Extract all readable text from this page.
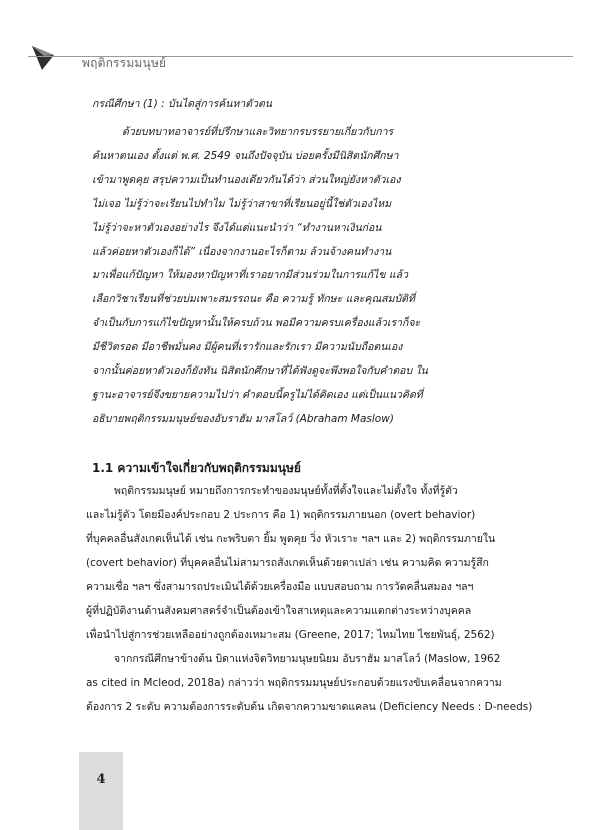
พฤติกรรมมนุษย์
กรณีศึกษา (1) : บันไดสู่การค้นหาตัวตน
ด้วยบทบาทอาจารย์ที่ปรึกษาและวิทยากรบรรยายเกี่ยวกับการ
ค้นหาตนเอง ตั้งแต่ พ.ศ. 2549 จนถึงปัจจุบัน บ่อยครั้งมีนิสิตนักศึกษา
เข้ามาพูดคุย สรุปความเป็นทำนองเดียวกันได้ว่า ส่วนใหญ่ยังหาตัวเอง
ไม่เจอ ไม่รู้ว่าจะเรียนไปทำไม ไม่รู้ว่าสาขาที่เรียนอยู่นี้ใช่ตัวเองไหม
ไม่รู้ว่าจะหาตัวเองอย่างไร จึงได้แต่แนะนำว่า “ทำงานหาเงินก่อน
แล้วค่อยหาตัวเองก็ได้” เนื่องจากงานอะไรก็ตาม ล้วนจ้างคนทำงาน
มาเพื่อแก้ปัญหา ให้มองหาปัญหาที่เราอยากมีส่วนร่วมในการแก้ไข แล้ว
เลือกวิชาเรียนที่ช่วยบ่มเพาะสมรรถนะ คือ ความรู้ ทักษะ และคุณสมบัติที่
จำเป็นกับการแก้ไขปัญหานั้นให้ครบถ้วน พอมีความครบเครื่องแล้วเราก็จะ
มีชีวิตรอด มีอาชีพมั่นคง มีผู้คนที่เรารักและรักเรา มีความนับถือตนเอง
จากนั้นค่อยหาตัวเองก็ยังทัน นิสิตนักศึกษาที่ได้ฟังดูจะพึงพอใจกับคำตอบ ใน
ฐานะอาจารย์จึงขยายความไปว่า คำตอบนี้ครูไม่ได้คิดเอง แต่เป็นแนวคิดที่
อธิบายพฤติกรรมมนุษย์ของอับราฮัม มาสโลว์ (Abraham Maslow)
1.1 ความเข้าใจเกี่ยวกับพฤติกรรมมนุษย์
พฤติกรรมมนุษย์ หมายถึงการกระทำของมนุษย์ทั้งที่ตั้งใจและไม่ตั้งใจ ทั้งที่รู้ตัว
และไม่รู้ตัว โดยมีองค์ประกอบ 2 ประการ คือ 1) พฤติกรรมภายนอก (overt behavior)
ที่บุคคลอื่นสังเกตเห็นได้ เช่น กะพริบตา ยิ้ม พูดคุย วิ่ง หัวเราะ ฯลฯ และ 2) พฤติกรรมภายใน
(covert behavior) ที่บุคคลอื่นไม่สามารถสังเกตเห็นด้วยตาเปล่า เช่น ความคิด ความรู้สึก
ความเชื่อ ฯลฯ ซึ่งสามารถประเมินได้ด้วยเครื่องมือ แบบสอบถาม การวัดคลื่นสมอง ฯลฯ
ผู้ที่ปฏิบัติงานด้านสังคมศาสตร์จำเป็นต้องเข้าใจสาเหตุและความแตกต่างระหว่างบุคคล
เพื่อนำไปสู่การช่วยเหลืออย่างถูกต้องเหมาะสม (Greene, 2017; ไหมไทย ไชยพันธุ์, 2562)
จากกรณีศึกษาข้างต้น บิดาแห่งจิตวิทยามนุษยนิยม อับราฮัม มาสโลว์ (Maslow, 1962
as cited in Mcleod, 2018a) กล่าวว่า พฤติกรรมมนุษย์ประกอบด้วยแรงขับเคลื่อนจากความ
ต้องการ 2 ระดับ ความต้องการระดับต้น เกิดจากความขาดแคลน (Deficiency Needs : D-needs)
4
